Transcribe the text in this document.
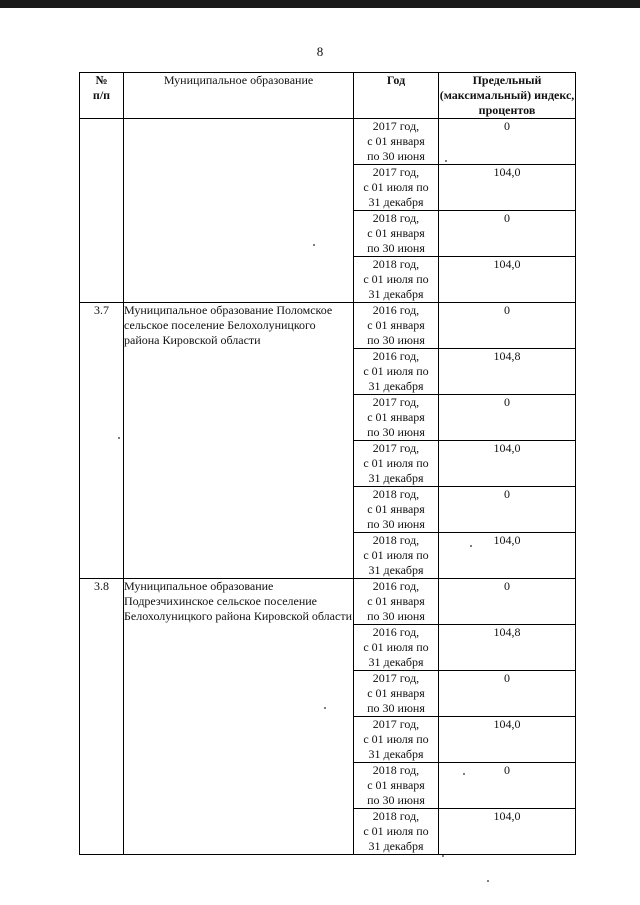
8
№
п/п	Муниципальное образование	Год	Предельный (максимальный) индекс, процентов
		2017 год,
с 01 января
по 30 июня	0
		2017 год,
с 01 июля по
31 декабря	104,0
		2018 год,
с 01 января
по 30 июня	0
		2018 год,
с 01 июля по
31 декабря	104,0
3.7	Муниципальное образование Поломское сельское поселение Белохолуницкого района Кировской области	2016 год,
с 01 января
по 30 июня	0
		2016 год,
с 01 июля по
31 декабря	104,8
		2017 год,
с 01 января
по 30 июня	0
		2017 год,
с 01 июля по
31 декабря	104,0
		2018 год,
с 01 января
по 30 июня	0
		2018 год,
с 01 июля по
31 декабря	104,0
3.8	Муниципальное образование Подрезчихинское сельское поселение Белохолуницкого района Кировской области	2016 год,
с 01 января
по 30 июня	0
		2016 год,
с 01 июля по
31 декабря	104,8
		2017 год,
с 01 января
по 30 июня	0
		2017 год,
с 01 июля по
31 декабря	104,0
		2018 год,
с 01 января
по 30 июня	0
		2018 год,
с 01 июля по
31 декабря	104,0
